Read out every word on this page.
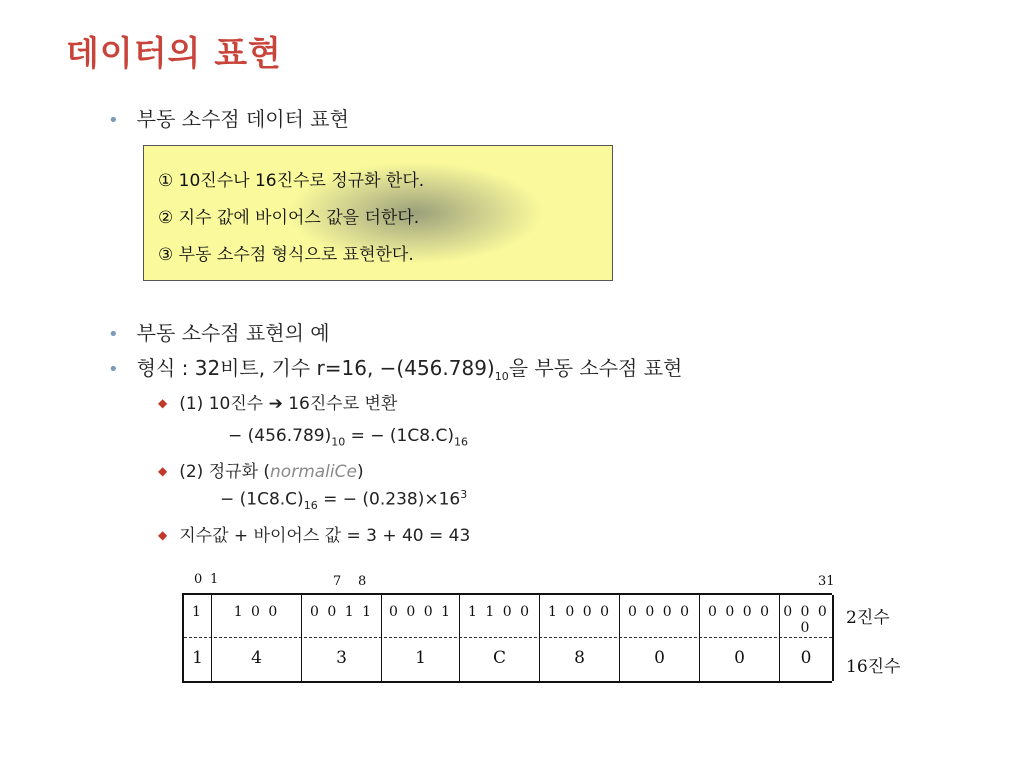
데이터의 표현
• 부동 소수점 데이터 표현
① 10진수나 16진수로 정규화 한다.
② 지수 값에 바이어스 값을 더한다.
③ 부동 소수점 형식으로 표현한다.
• 부동 소수점 표현의 예
• 형식 : 32비트, 기수 r=16, $-(456.789)_{10}$을 부동 소수점 표현
◆ (1) 10진수 ➔ 16진수로 변환
− $(456.789)_{10}$ = − $(1C8.C)_{16}$
◆ (2) 정규화 (normaliCe)
− $(1C8.C)_{16}$ = − $(0.238)\times 16^3$
◆ 지수값 + 바이어스 값 = 3 + 40 = 43
0 1	7 8	31
1
1
1 0 0
4
0 0 1 1
3
0 0 0 1
1
1 1 0 0
C
1 0 0 0
8
0 0 0 0
0
0 0 0 0
0
0 0 0 0
0
2진수
16진수
